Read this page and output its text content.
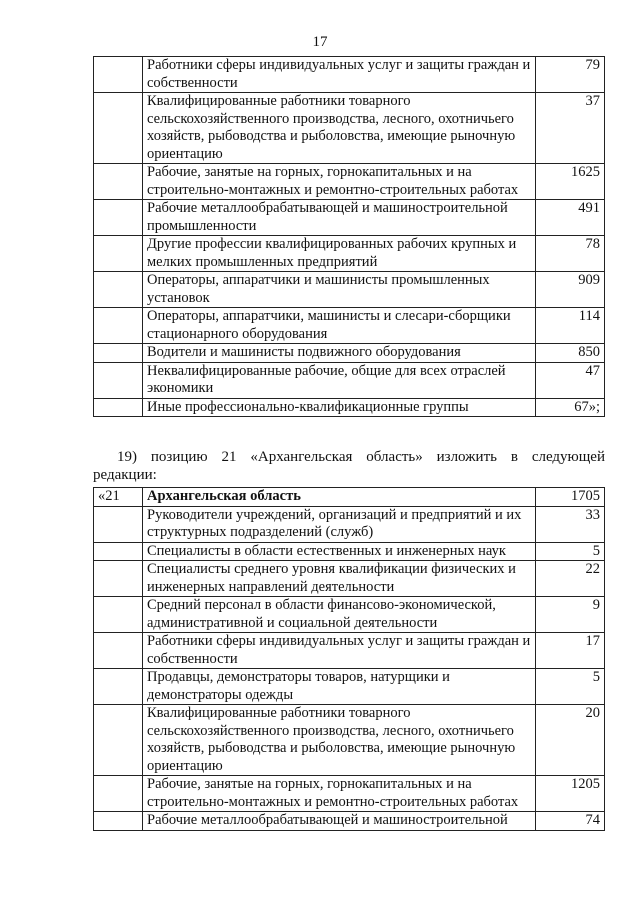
17
	Работники сферы индивидуальных услуг и защиты граждан и собственности	79
	Квалифицированные работники товарного сельскохозяйственного производства, лесного, охотничьего хозяйств, рыбоводства и рыболовства, имеющие рыночную ориентацию	37
	Рабочие, занятые на горных, горнокапитальных и на строительно-монтажных и ремонтно-строительных работах	1625
	Рабочие металлообрабатывающей и машиностроительной промышленности	491
	Другие профессии квалифицированных рабочих крупных и мелких промышленных предприятий	78
	Операторы, аппаратчики и машинисты промышленных установок	909
	Операторы, аппаратчики, машинисты и слесари-сборщики стационарного оборудования	114
	Водители и машинисты подвижного оборудования	850
	Неквалифицированные рабочие, общие для всех отраслей экономики	47
	Иные профессионально-квалификационные группы	67»;
19) позицию 21 «Архангельская область» изложить в следующей
редакции:
«21	Архангельская область	1705
	Руководители учреждений, организаций и предприятий и их структурных подразделений (служб)	33
	Специалисты в области естественных и инженерных наук	5
	Специалисты среднего уровня квалификации физических и инженерных направлений деятельности	22
	Средний персонал в области финансово-экономической, административной и социальной деятельности	9
	Работники сферы индивидуальных услуг и защиты граждан и собственности	17
	Продавцы, демонстраторы товаров, натурщики и демонстраторы одежды	5
	Квалифицированные работники товарного сельскохозяйственного производства, лесного, охотничьего хозяйств, рыбоводства и рыболовства, имеющие рыночную ориентацию	20
	Рабочие, занятые на горных, горнокапитальных и на строительно-монтажных и ремонтно-строительных работах	1205
	Рабочие металлообрабатывающей и машиностроительной	74
